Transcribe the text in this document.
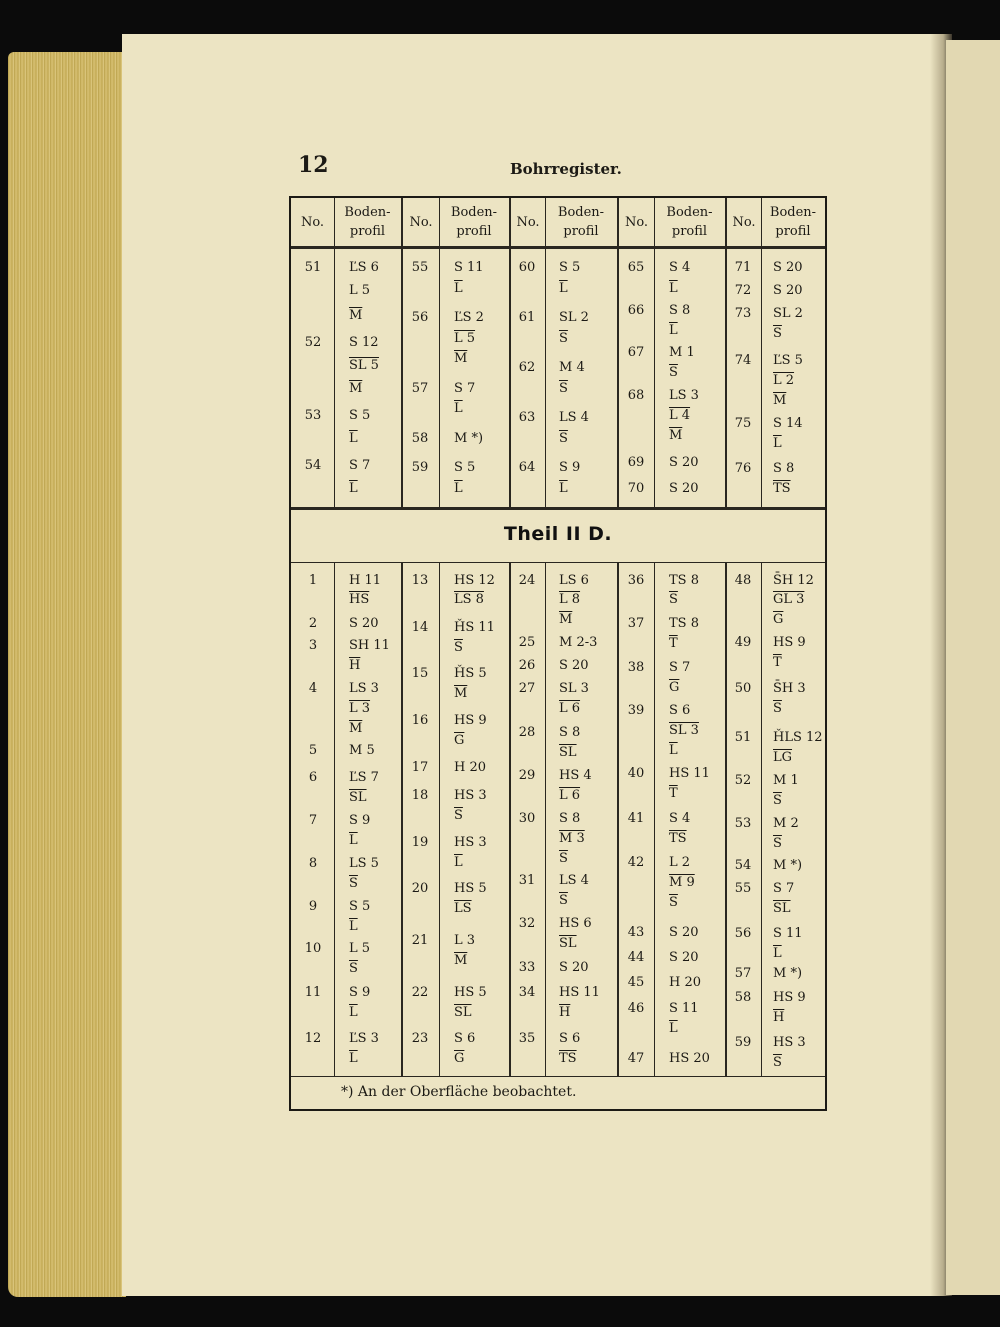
12	Bohrregister.
No.
Boden-
profil
No.
Boden-
profil
No.
Boden-
profil
No.
Boden-
profil
No.
Boden-
profil
Theil II D.
*) An der Oberfläche beobachtet.
51
52
53
54
ĽS 6
L 5
$\overline{M}$
S 12
SL 5
$\overline{M}$
S 5
$\overline{L}$
S 7
$\overline{L}$
55
56
57
58
59
S 11
$\overline{L}$
ĽS 2
L 5
$\overline{M}$
S 7
$\overline{L}$
M *)
S 5
$\overline{L}$
60
61
62
63
64
S 5
$\overline{L}$
SL 2
$\overline{S}$
M 4
$\overline{S}$
LS 4
$\overline{S}$
S 9
$\overline{L}$
65
66
67
68
69
70
S 4
$\overline{L}$
S 8
$\overline{L}$
M 1
$\overline{S}$
LS 3
L 4
$\overline{M}$
S 20
S 20
71
72
73
74
75
76
S 20
S 20
SL 2
$\overline{S}$
ĽS 5
L 2
$\overline{M}$
S 14
$\overline{L}$
S 8
$\overline{TS}$
1
2
3
4
5
6
7
8
9
10
11
12
H 11
$\overline{HS}$
S 20
SH 11
$\overline{H}$
LS 3
L 3
$\overline{M}$
M 5
ĽS 7
$\overline{SL}$
S 9
$\overline{L}$
LS 5
$\overline{S}$
S 5
$\overline{L}$
L 5
$\overline{S}$
S 9
$\overline{L}$
ĽS 3
$\overline{L}$
13
14
15
16
17
18
19
20
21
22
23
HS 12
LS 8
ȞS 11
$\overline{S}$
ȞS 5
$\overline{M}$
HS 9
$\overline{G}$
H 20
HS 3
$\overline{S}$
HS 3
$\overline{L}$
HS 5
$\overline{LS}$
L 3
$\overline{M}$
HS 5
$\overline{SL}$
S 6
$\overline{G}$
24
25
26
27
28
29
30
31
32
33
34
35
LS 6
L 8
$\overline{M}$
M 2-3
S 20
SL 3
L 6
S 8
$\overline{SL}$
HS 4
L 6
S 8
M 3
$\overline{S}$
LS 4
$\overline{S}$
HS 6
$\overline{SL}$
S 20
HS 11
$\overline{H}$
S 6
$\overline{TS}$
36
37
38
39
40
41
42
43
44
45
46
47
TS 8
$\overline{S}$
TS 8
$\overline{T}$
S 7
$\overline{G}$
S 6
SL 3
$\overline{L}$
HS 11
$\overline{T}$
S 4
$\overline{TS}$
L 2
M 9
$\overline{S}$
S 20
S 20
H 20
S 11
$\overline{L}$
HS 20
48
49
50
51
52
53
54
55
56
57
58
59
S̄H 12
GL 3
$\overline{G}$
HS 9
$\overline{T}$
S̄H 3
$\overline{S}$
ȞLS 12
$\overline{LG}$
M 1
$\overline{S}$
M 2
$\overline{S}$
M *)
S 7
$\overline{SL}$
S 11
$\overline{L}$
M *)
HS 9
$\overline{H}$
HS 3
$\overline{S}$
